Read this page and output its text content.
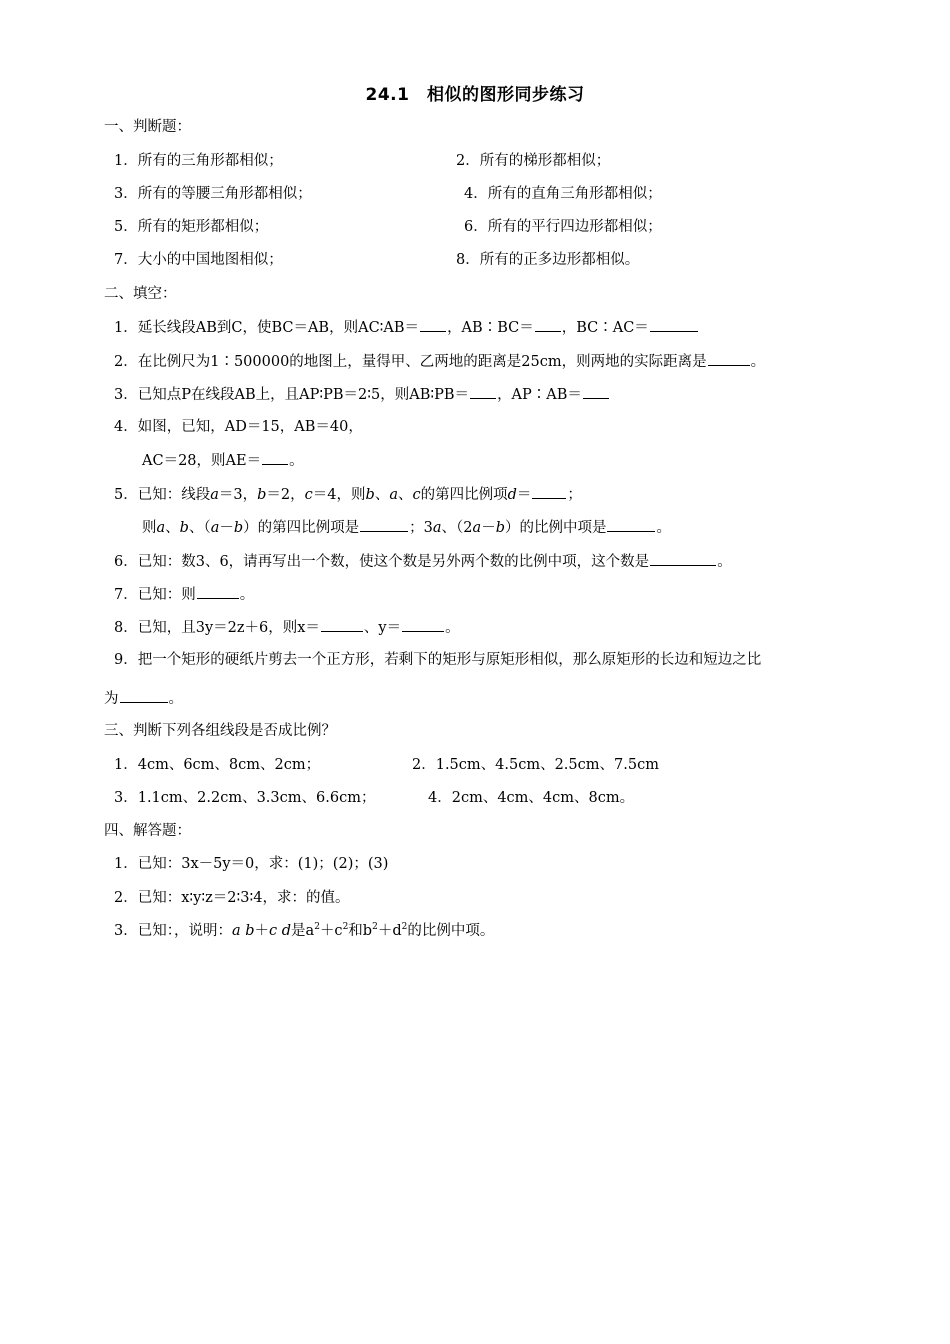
24.1　相似的图形同步练习
一、判断题：
1．所有的三角形都相似；	2．所有的梯形都相似；
3．所有的等腰三角形都相似；	4．所有的直角三角形都相似；
5．所有的矩形都相似；	6．所有的平行四边形都相似；
7．大小的中国地图相似；	8．所有的正多边形都相似。
二、填空：
1．延长线段AB到C，使BC＝AB，则AC∶AB＝ ，AB∶BC＝ ，BC∶AC＝
2．在比例尺为1∶500000的地图上，量得甲、乙两地的距离是25cm，则两地的实际距离是	。
3．已知点P在线段AB上，且AP∶PB＝2∶5，则AB∶PB＝ ，AP∶AB＝
4．如图，已知，AD＝15，AB＝40，
AC＝28，则AE＝ 。
5．已知：线段a＝3，b＝2，c＝4，则b、a、c的第四比例项d＝ ；
则a、b、（a－b）的第四比例项是	；3a、（2a－b）的比例中项是	。
6．已知：数3、6，请再写出一个数，使这个数是另外两个数的比例中项，这个数是	。
7．已知：则	。
8．已知，且3y＝2z＋6，则x＝	、y＝	。
9．把一个矩形的硬纸片剪去一个正方形，若剩下的矩形与原矩形相似，那么原矩形的长边和短边之比
为	。
三、判断下列各组线段是否成比例？
1．4cm、6cm、8cm、2cm；	2．1.5cm、4.5cm、2.5cm、7.5cm
3．1.1cm、2.2cm、3.3cm、6.6cm；	4．2cm、4cm、4cm、8cm。
四、解答题：
1．已知：3x－5y＝0，求：(1)；(2)；(3)
2．已知：x∶y∶z＝2∶3∶4，求：的值。
3．已知：，说明：a b＋c d是$a^2+c^2$和$b^2+d^2$的比例中项。
